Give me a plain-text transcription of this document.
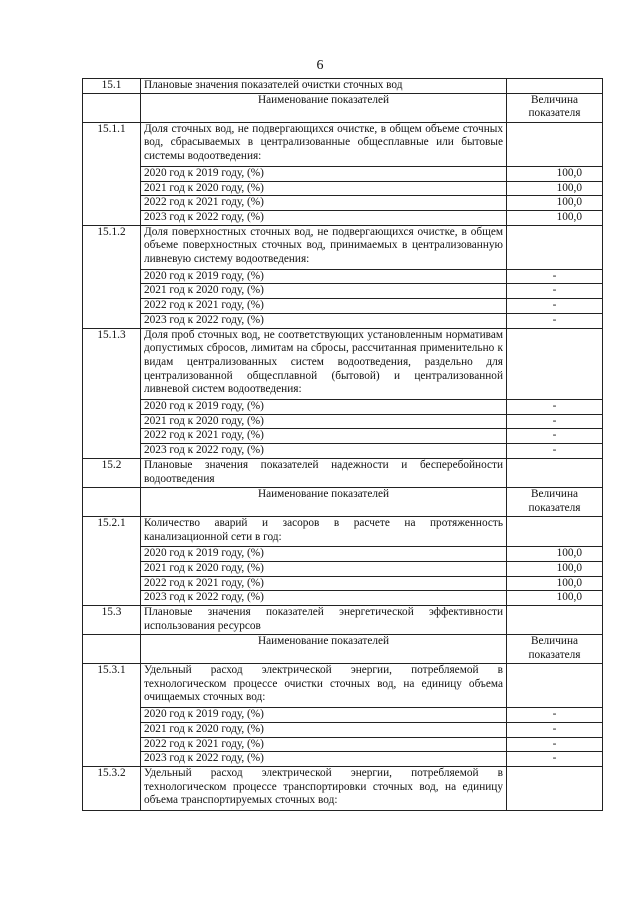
6
15.1	Плановые значения показателей очистки сточных вод	
	Наименование показателей	Величина показателя
15.1.1	Доля сточных вод, не подвергающихся очистке, в общем объеме сточных вод, сбрасываемых в централизованные общесплавные или бытовые системы водоотведения:	
	2020 год к 2019 году, (%)	100,0
	2021 год к 2020 году, (%)	100,0
	2022 год к 2021 году, (%)	100,0
	2023 год к 2022 году, (%)	100,0
15.1.2	Доля поверхностных сточных вод, не подвергающихся очистке, в общем объеме поверхностных сточных вод, принимаемых в централизованную ливневую систему водоотведения:	
	2020 год к 2019 году, (%)	-
	2021 год к 2020 году, (%)	-
	2022 год к 2021 году, (%)	-
	2023 год к 2022 году, (%)	-
15.1.3	Доля проб сточных вод, не соответствующих установленным нормативам допустимых сбросов, лимитам на сбросы, рассчитанная применительно к видам централизованных систем водоотведения, раздельно для централизованной общесплавной (бытовой) и централизованной ливневой систем водоотведения:	
	2020 год к 2019 году, (%)	-
	2021 год к 2020 году, (%)	-
	2022 год к 2021 году, (%)	-
	2023 год к 2022 году, (%)	-
15.2	Плановые значения показателей надежности и бесперебойности водоотведения	
	Наименование показателей	Величина показателя
15.2.1	Количество аварий и засоров в расчете на протяженность канализационной сети в год:	
	2020 год к 2019 году, (%)	100,0
	2021 год к 2020 году, (%)	100,0
	2022 год к 2021 году, (%)	100,0
	2023 год к 2022 году, (%)	100,0
15.3	Плановые значения показателей энергетической эффективности использования ресурсов	
	Наименование показателей	Величина показателя
15.3.1	Удельный расход электрической энергии, потребляемой в технологическом процессе очистки сточных вод, на единицу объема очищаемых сточных вод:	
	2020 год к 2019 году, (%)	-
	2021 год к 2020 году, (%)	-
	2022 год к 2021 году, (%)	-
	2023 год к 2022 году, (%)	-
15.3.2	Удельный расход электрической энергии, потребляемой в технологическом процессе транспортировки сточных вод, на единицу объема транспортируемых сточных вод:	
